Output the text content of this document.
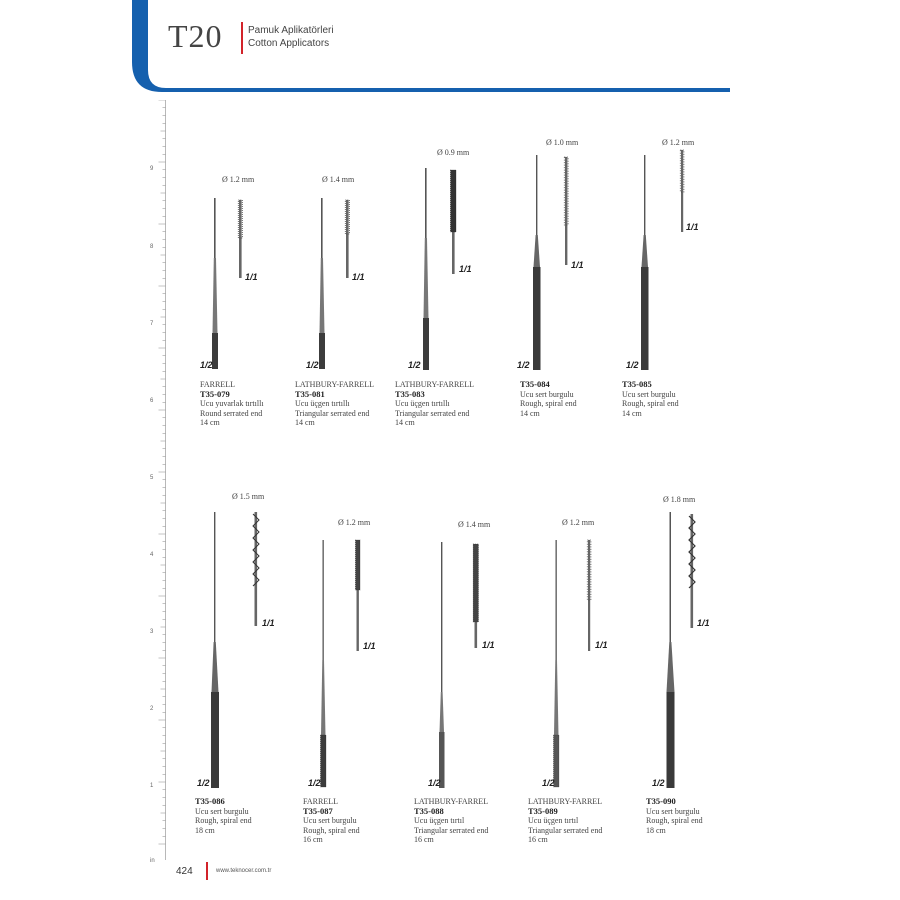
T20	Pamuk Aplikatörleri
Cotton Applicators
9
8
7
6
5
4
3
2
1
in
Ø 1.2 mm
1/2
1/1
FARRELL
T35-079
Ucu yuvarlak tırtıllı
Round serrated end
14 cm
Ø 1.4 mm
1/2
1/1
LATHBURY-FARRELL
T35-081
Ucu üçgen tırtıllı
Triangular serrated end
14 cm
Ø 0.9 mm
1/2
1/1
LATHBURY-FARRELL
T35-083
Ucu üçgen tırtıllı
Triangular serrated end
14 cm
Ø 1.0 mm
1/2
1/1
T35-084
Ucu sert burgulu
Rough, spiral end
14 cm
Ø 1.2 mm
1/2
1/1
T35-085
Ucu sert burgulu
Rough, spiral end
14 cm
Ø 1.5 mm
1/2
1/1
T35-086
Ucu sert burgulu
Rough, spiral end
18 cm
Ø 1.2 mm
1/2
1/1
FARRELL
T35-087
Ucu sert burgulu
Rough, spiral end
16 cm
Ø 1.4 mm
1/2
1/1
LATHBURY-FARREL
T35-088
Ucu üçgen tırtıl
Triangular serrated end
16 cm
Ø 1.2 mm
1/2
1/1
LATHBURY-FARREL
T35-089
Ucu üçgen tırtıl
Triangular serrated end
16 cm
Ø 1.8 mm
1/2
1/1
T35-090
Ucu sert burgulu
Rough, spiral end
18 cm
424	www.teknocer.com.tr
